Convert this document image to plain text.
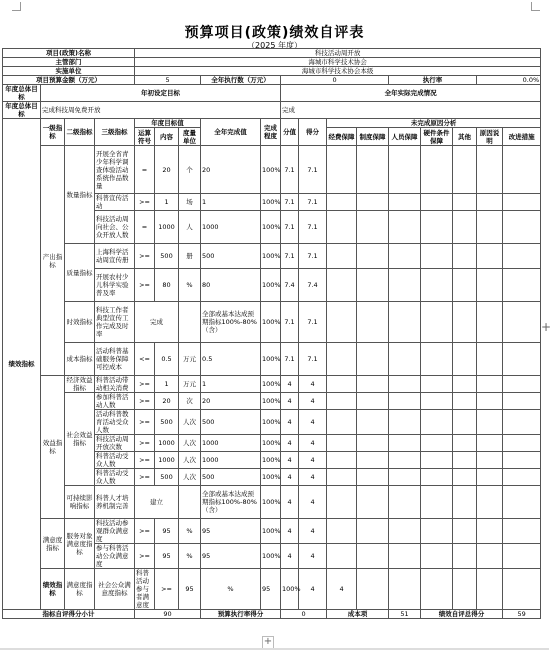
预算项目(政策)绩效自评表
（2025 年度）
项目(政策)名称				科技活动周开放														
主管部门				海城市科学技术协会														
实施单位				海城市科学技术协会本级														
项目预算金额（万元）				5			全年执行数（万元）		0				执行率			0.0%		
年度总体目标	年初设定目标								全年实际完成情况									
年度总体目标	完成科技周免费开放								完成									
绩效指标	一级指标	二级指标	三级指标	年度目标值			全年完成值	完成程度	分值	得分	未完成原因分析							
				运算符号	内容	度量单位					经费保障	制度保障	人员保障	硬件条件保障	其他	原因说明	改进措施	
	产出指标	数量指标	开展全省青少年科学调查体验活动系统作品数量	=	20	个	20	100%	7.1	7.1								
			科普宣传活动	>=	1	场	1	100%	7.1	7.1								
			科技活动周向社会、公众开放人数	=	1000	人	1000	100%	7.1	7.1								
		质量指标	上海科学活动周宣传册	>=	500	册	500	100%	7.1	7.1								
			开展农村少儿科学实验普及率	>=	80	%	80	100%	7.4	7.4								
		时效指标	科技工作者典型宣传工作完成及时率	完成			全部或基本达成预期指标100%-80%（含）	100%	7.1	7.1								
		成本指标	活动科普基础服务保障可控成本	<=	0.5	万元	0.5	100%	7.1	7.1								
	效益指标	经济效益指标	科普活动带动相关消费	>=	1	万元	1	100%	4	4								
		社会效益指标	参加科普活动人数	>=	20	次	20	100%	4	4								
			活动科普教育活动受众人数	>=	500	人次	500	100%	4	4								
			科技活动周开放次数	>=	1000	人次	1000	100%	4	4								
			科普活动受众人数	>=	1000	人次	1000	100%	4	4								
			科普活动受众人数	>=	500	人次	500	100%	4	4								
		可持续影响指标	科普人才培养机制完善	建立			全部或基本达成预期指标100%-80%（含）	100%	4	4								
	满意度指标	服务对象满意度指标	科技活动参观群众满意度	>=	95	%	95	100%	4	4								
			参与科普活动公众满意度	>=	95	%	95	100%	4	4								
	绩效指标	满意度指标	社会公众满意度指标	科普活动参与者满意度	>=	95	%	95	100%	4	4							
指标自评得分小计				90			预算执行率得分		0		成本项		51	绩效自评总得分			59	
+
+
